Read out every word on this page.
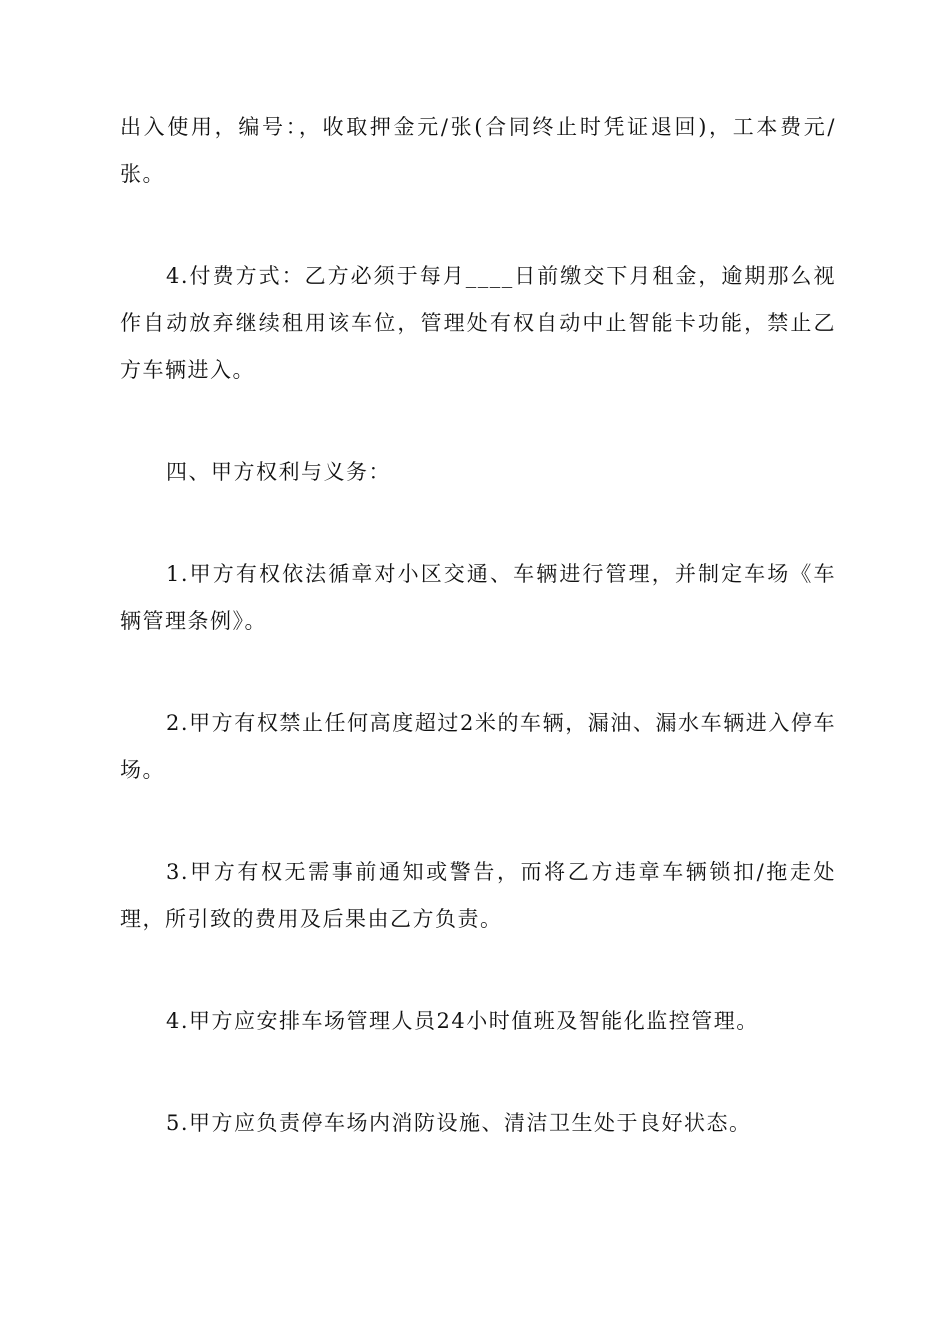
出入使用，编号：，收取押金元/张(合同终止时凭证退回)，工本费元/张。

4.付费方式：乙方必须于每月____日前缴交下月租金，逾期那么视作自动放弃继续租用该车位，管理处有权自动中止智能卡功能，禁止乙方车辆进入。

四、甲方权利与义务：

1.甲方有权依法循章对小区交通、车辆进行管理，并制定车场《车辆管理条例》。

2.甲方有权禁止任何高度超过2米的车辆，漏油、漏水车辆进入停车场。

3.甲方有权无需事前通知或警告，而将乙方违章车辆锁扣/拖走处理，所引致的费用及后果由乙方负责。

4.甲方应安排车场管理人员24小时值班及智能化监控管理。

5.甲方应负责停车场内消防设施、清洁卫生处于良好状态。
